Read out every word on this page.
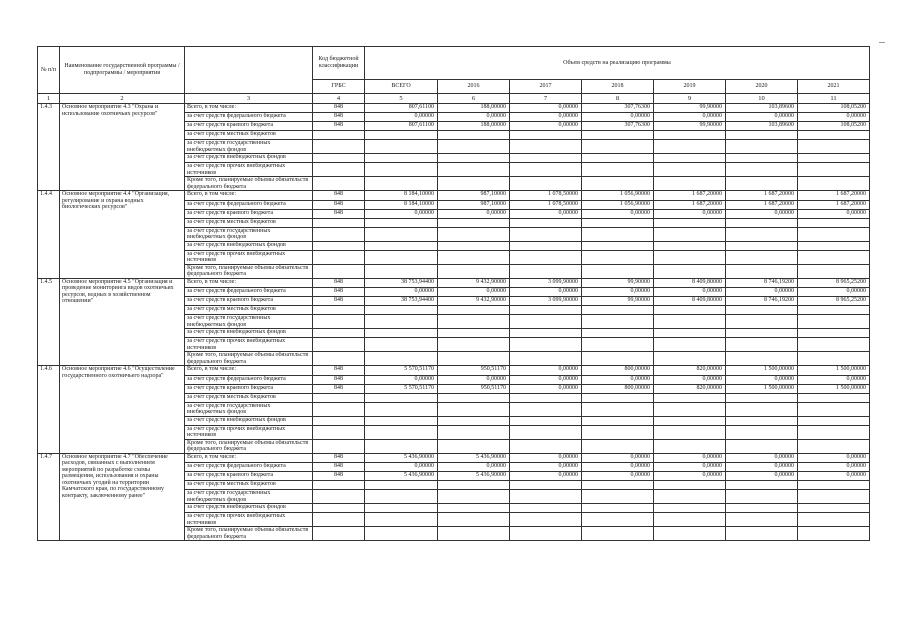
№ п/п	Наименование государственной программы / подпрограммы / мероприятия		Код бюджетной классификации	Объем средств на реализацию программы						
			ГРБС	ВСЕГО	2016	2017	2018	2019	2020	2021
1	2	3	4	5	6	7	8	9	10	11
1.4.3	Основное мероприятие 4.3 "Охрана и использование охотничьих ресурсов"	Всего, в том числе:	848	807,61100	188,00000	0,00000	307,76300	99,90000	103,89600	108,05200
		за счет средств федерального бюджета	848	0,00000	0,00000	0,00000	0,00000	0,00000	0,00000	0,00000
		за счет средств краевого бюджета	848	807,61100	188,00000	0,00000	307,76300	99,90000	103,89600	108,05200
		за счет средств местных бюджетов								
		за счет средств государственных внебюджетных фондов								
		за счет средств внебюджетных фондов								
		за счет средств прочих внебюджетных источников								
		Кроме того, планируемые объемы обязательств федерального бюджета								
1.4.4	Основное мероприятие 4.4 "Организация, регулирование и охрана водных биологических ресурсов"	Всего, в том числе:	848	8 184,10000	987,10000	1 078,50000	1 056,90000	1 687,20000	1 687,20000	1 687,20000
		за счет средств федерального бюджета	848	8 184,10000	987,10000	1 078,50000	1 056,90000	1 687,20000	1 687,20000	1 687,20000
		за счет средств краевого бюджета	848	0,00000	0,00000	0,00000	0,00000	0,00000	0,00000	0,00000
		за счет средств местных бюджетов								
		за счет средств государственных внебюджетных фондов								
		за счет средств внебюджетных фондов								
		за счет средств прочих внебюджетных источников								
		Кроме того, планируемые объемы обязательств федерального бюджета								
1.4.5	Основное мероприятие 4.5 "Организация и проведение мониторинга видов охотничьих ресурсов, водных в хозяйственном отношении"	Всего, в том числе:	848	38 753,94400	9 432,90000	3 099,90000	99,90000	8 409,80000	8 746,19200	8 965,25200
		за счет средств федерального бюджета	848	0,00000	0,00000	0,00000	0,00000	0,00000	0,00000	0,00000
		за счет средств краевого бюджета	848	38 753,94400	9 432,90000	3 099,90000	99,90000	8 409,80000	8 746,19200	8 965,25200
		за счет средств местных бюджетов								
		за счет средств государственных внебюджетных фондов								
		за счет средств внебюджетных фондов								
		за счет средств прочих внебюджетных источников								
		Кроме того, планируемые объемы обязательств федерального бюджета								
1.4.6	Основное мероприятие 4.6 "Осуществление государственного охотничьего надзора"	Всего, в том числе:	848	5 570,51170	950,51170	0,00000	800,00000	820,00000	1 500,00000	1 500,00000
		за счет средств федерального бюджета	848	0,00000	0,00000	0,00000	0,00000	0,00000	0,00000	0,00000
		за счет средств краевого бюджета	848	5 570,51170	950,51170	0,00000	800,00000	820,00000	1 500,00000	1 500,00000
		за счет средств местных бюджетов								
		за счет средств государственных внебюджетных фондов								
		за счет средств внебюджетных фондов								
		за счет средств прочих внебюджетных источников								
		Кроме того, планируемые объемы обязательств федерального бюджета								
1.4.7	Основное мероприятие 4.7 "Обеспечение расходов, связанных с выполнением мероприятий по разработке схемы размещения, использования и охраны охотничьих угодий на территории Камчатского края, по государственному контракту, заключенному ранее"	Всего, в том числе:	848	5 436,90000	5 436,90000	0,00000	0,00000	0,00000	0,00000	0,00000
		за счет средств федерального бюджета	848	0,00000	0,00000	0,00000	0,00000	0,00000	0,00000	0,00000
		за счет средств краевого бюджета	848	5 436,90000	5 436,90000	0,00000	0,00000	0,00000	0,00000	0,00000
		за счет средств местных бюджетов								
		за счет средств государственных внебюджетных фондов								
		за счет средств внебюджетных фондов								
		за счет средств прочих внебюджетных источников								
		Кроме того, планируемые объемы обязательств федерального бюджета								
